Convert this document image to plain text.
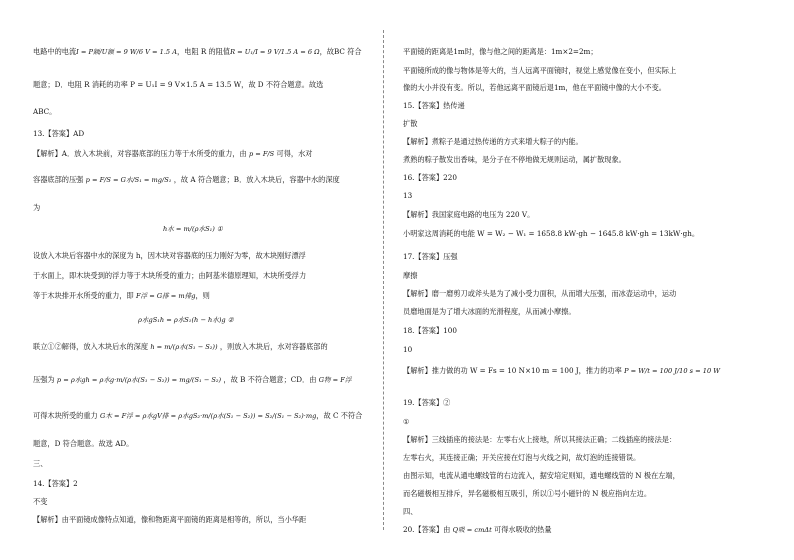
电路中的电流I = P额/U额 = 9 W/6 V = 1.5 A，电阻 R 的阻值R = U₁/I = 9 V/1.5 A = 6 Ω，故BC 符合
题意；D．电阻 R 消耗的功率 P = U₁I = 9 V×1.5 A = 13.5 W，故 D 不符合题意。故选
ABC。
13.【答案】AD
【解析】A．放入木块前，对容器底部的压力等于水所受的重力，由 p = F/S 可得，水对
容器底部的压强 p = F/S = G水/S₁ = mg/S₁ ，故 A 符合题意；B．放入木块后，容器中水的深度
为
h水 = m/(ρ水S₁) ①
设放入木块后容器中水的深度为 h，因木块对容器底的压力刚好为零，故木块刚好漂浮
于水面上，即木块受到的浮力等于木块所受的重力；由阿基米德原理知，木块所受浮力
等于木块排开水所受的重力，即 F浮 = G排 = m排g，则
ρ水gS₁h = ρ水S₁(h − h水)g ②
联立①②解得，放入木块后水的深度 h = m/(ρ水(S₁ − S₂)) ，则放入木块后，水对容器底部的
压强为 p = ρ水gh = ρ水g·m/(ρ水(S₁ − S₂)) = mg/(S₁ − S₂) ，故 B 不符合题意；CD．由 G物 = F浮
可得木块所受的重力 G木 = F浮 = ρ水gV排 = ρ水gS₂·m/(ρ水(S₁ − S₂)) = S₂/(S₁ − S₂)·mg，故 C 不符合
题意，D 符合题意。故选 AD。
三、
14.【答案】2
不变
【解析】由平面镜成像特点知道，像和物距离平面镜的距离是相等的，所以，当小华距
平面镜的距离是1m时，像与他之间的距离是：1m×2=2m；
平面镜所成的像与物体是等大的，当人远离平面镜时，视觉上感觉像在变小，但实际上
像的大小并没有变。所以，若他远离平面镜后退1m，他在平面镜中像的大小不变。
15.【答案】热传递
扩散
【解析】煮粽子是通过热传递的方式来增大粽子的内能。
煮熟的粽子散发出香味，是分子在不停地做无规则运动，属扩散现象。
16.【答案】220
13
【解析】我国家庭电路的电压为 220 V。
小明家这周消耗的电能 W = W₂ − W₁ = 1658.8 kW·gh − 1645.8 kW·gh = 13kW·gh。
17.【答案】压强
摩擦
【解析】磨一磨剪刀或斧头是为了减小受力面积，从而增大压强，而冰壶运动中，运动
员磨地面是为了增大冰面的光滑程度，从而减小摩擦。
18.【答案】100
10
【解析】推力做的功 W = Fs = 10 N×10 m = 100 J，推力的功率 P = W/t = 100 J/10 s = 10 W
19.【答案】②
①
【解析】三线插座的接法是：左零右火上接地，所以其接法正确；二线插座的接法是：
左零右火，其连接正确；开关应接在灯泡与火线之间，故灯泡的连接错误。
由图示知，电流从通电螺线管的右边流入，据安培定则知，通电螺线管的 N 极在左端，
而名磁极相互排斥，异名磁极相互吸引，所以①号小磁针的 N 极应指向左边。
四、
20.【答案】由 Q吸 = cmΔt 可得水吸收的热量
